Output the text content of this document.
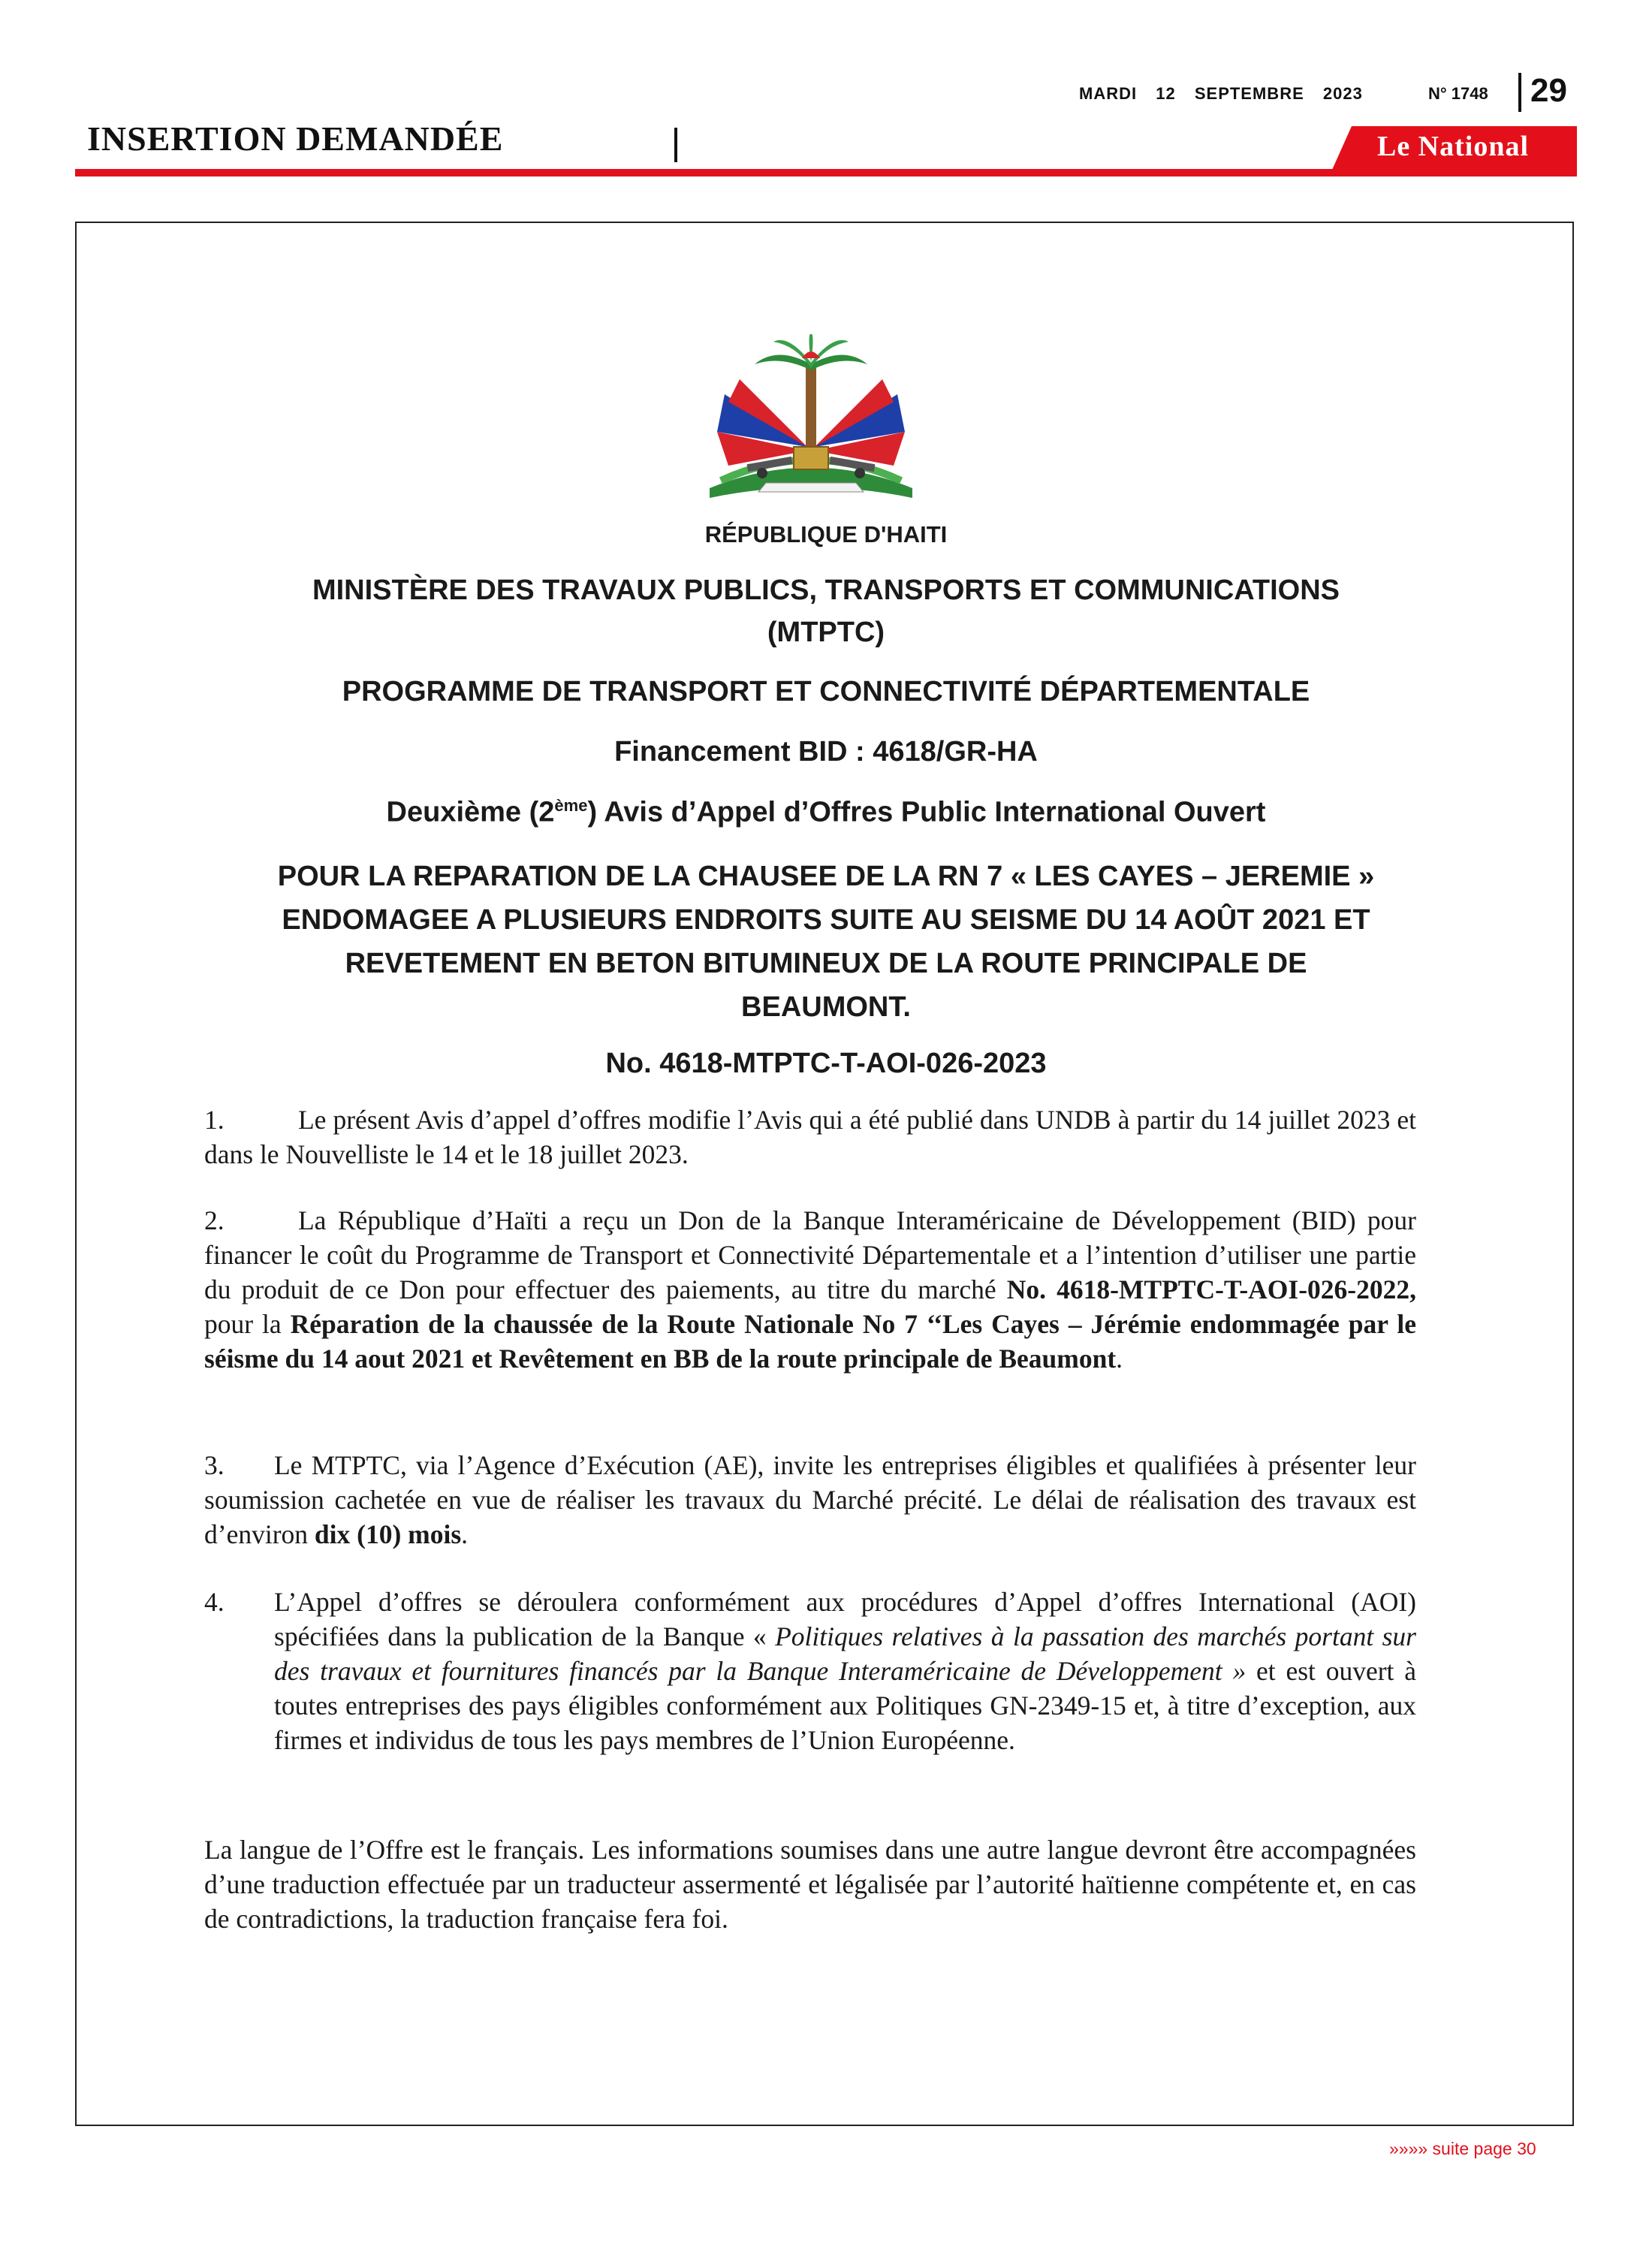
MARDI 12 SEPTEMBRE 2023	N° 1748 29
INSERTION DEMANDÉE	Le National
RÉPUBLIQUE D'HAITI
MINISTÈRE DES TRAVAUX PUBLICS, TRANSPORTS ET COMMUNICATIONS
(MTPTC)
PROGRAMME DE TRANSPORT ET CONNECTIVITÉ DÉPARTEMENTALE
Financement BID : 4618/GR-HA
Deuxième (2ème) Avis d’Appel d’Offres Public International Ouvert
POUR LA REPARATION DE LA CHAUSEE DE LA RN 7 « LES CAYES – JEREMIE »
ENDOMAGEE A PLUSIEURS ENDROITS SUITE AU SEISME DU 14 AOÛT 2021 ET
REVETEMENT EN BETON BITUMINEUX DE LA ROUTE PRINCIPALE DE
BEAUMONT.
No. 4618-MTPTC-T-AOI-026-2023
1.	Le présent Avis d’appel d’offres modifie l’Avis qui a été publié dans UNDB à partir du 14 juillet 2023 et dans le Nouvelliste le 14 et le 18 juillet 2023.
2.	La République d’Haïti a reçu un Don de la Banque Interaméricaine de Développement (BID) pour financer le coût du Programme de Transport et Connectivité Départementale et a l’intention d’utiliser une partie du produit de ce Don pour effectuer des paiements, au titre du marché No. 4618-MTPTC-T-AOI-026-2022, pour la Réparation de la chaussée de la Route Nationale No 7 ‘‘Les Cayes – Jérémie endommagée par le séisme du 14 aout 2021 et Revêtement en BB de la route principale de Beaumont.
3. Le MTPTC, via l’Agence d’Exécution (AE), invite les entreprises éligibles et qualifiées à présenter leur soumission cachetée en vue de réaliser les travaux du Marché précité. Le délai de réalisation des travaux est d’environ dix (10) mois.
4. L’Appel d’offres se déroulera conformément aux procédures d’Appel d’offres International (AOI) spécifiées dans la publication de la Banque « Politiques relatives à la passation des marchés portant sur des travaux et fournitures financés par la Banque Interaméricaine de Développement » et est ouvert à toutes entreprises des pays éligibles conformément aux Politiques GN-2349-15 et, à titre d’exception, aux firmes et individus de tous les pays membres de l’Union Européenne.
La langue de l’Offre est le français. Les informations soumises dans une autre langue devront être accompagnées d’une traduction effectuée par un traducteur assermenté et légalisée par l’autorité haïtienne compétente et, en cas de contradictions, la traduction française fera foi.
»»»» suite page 30
